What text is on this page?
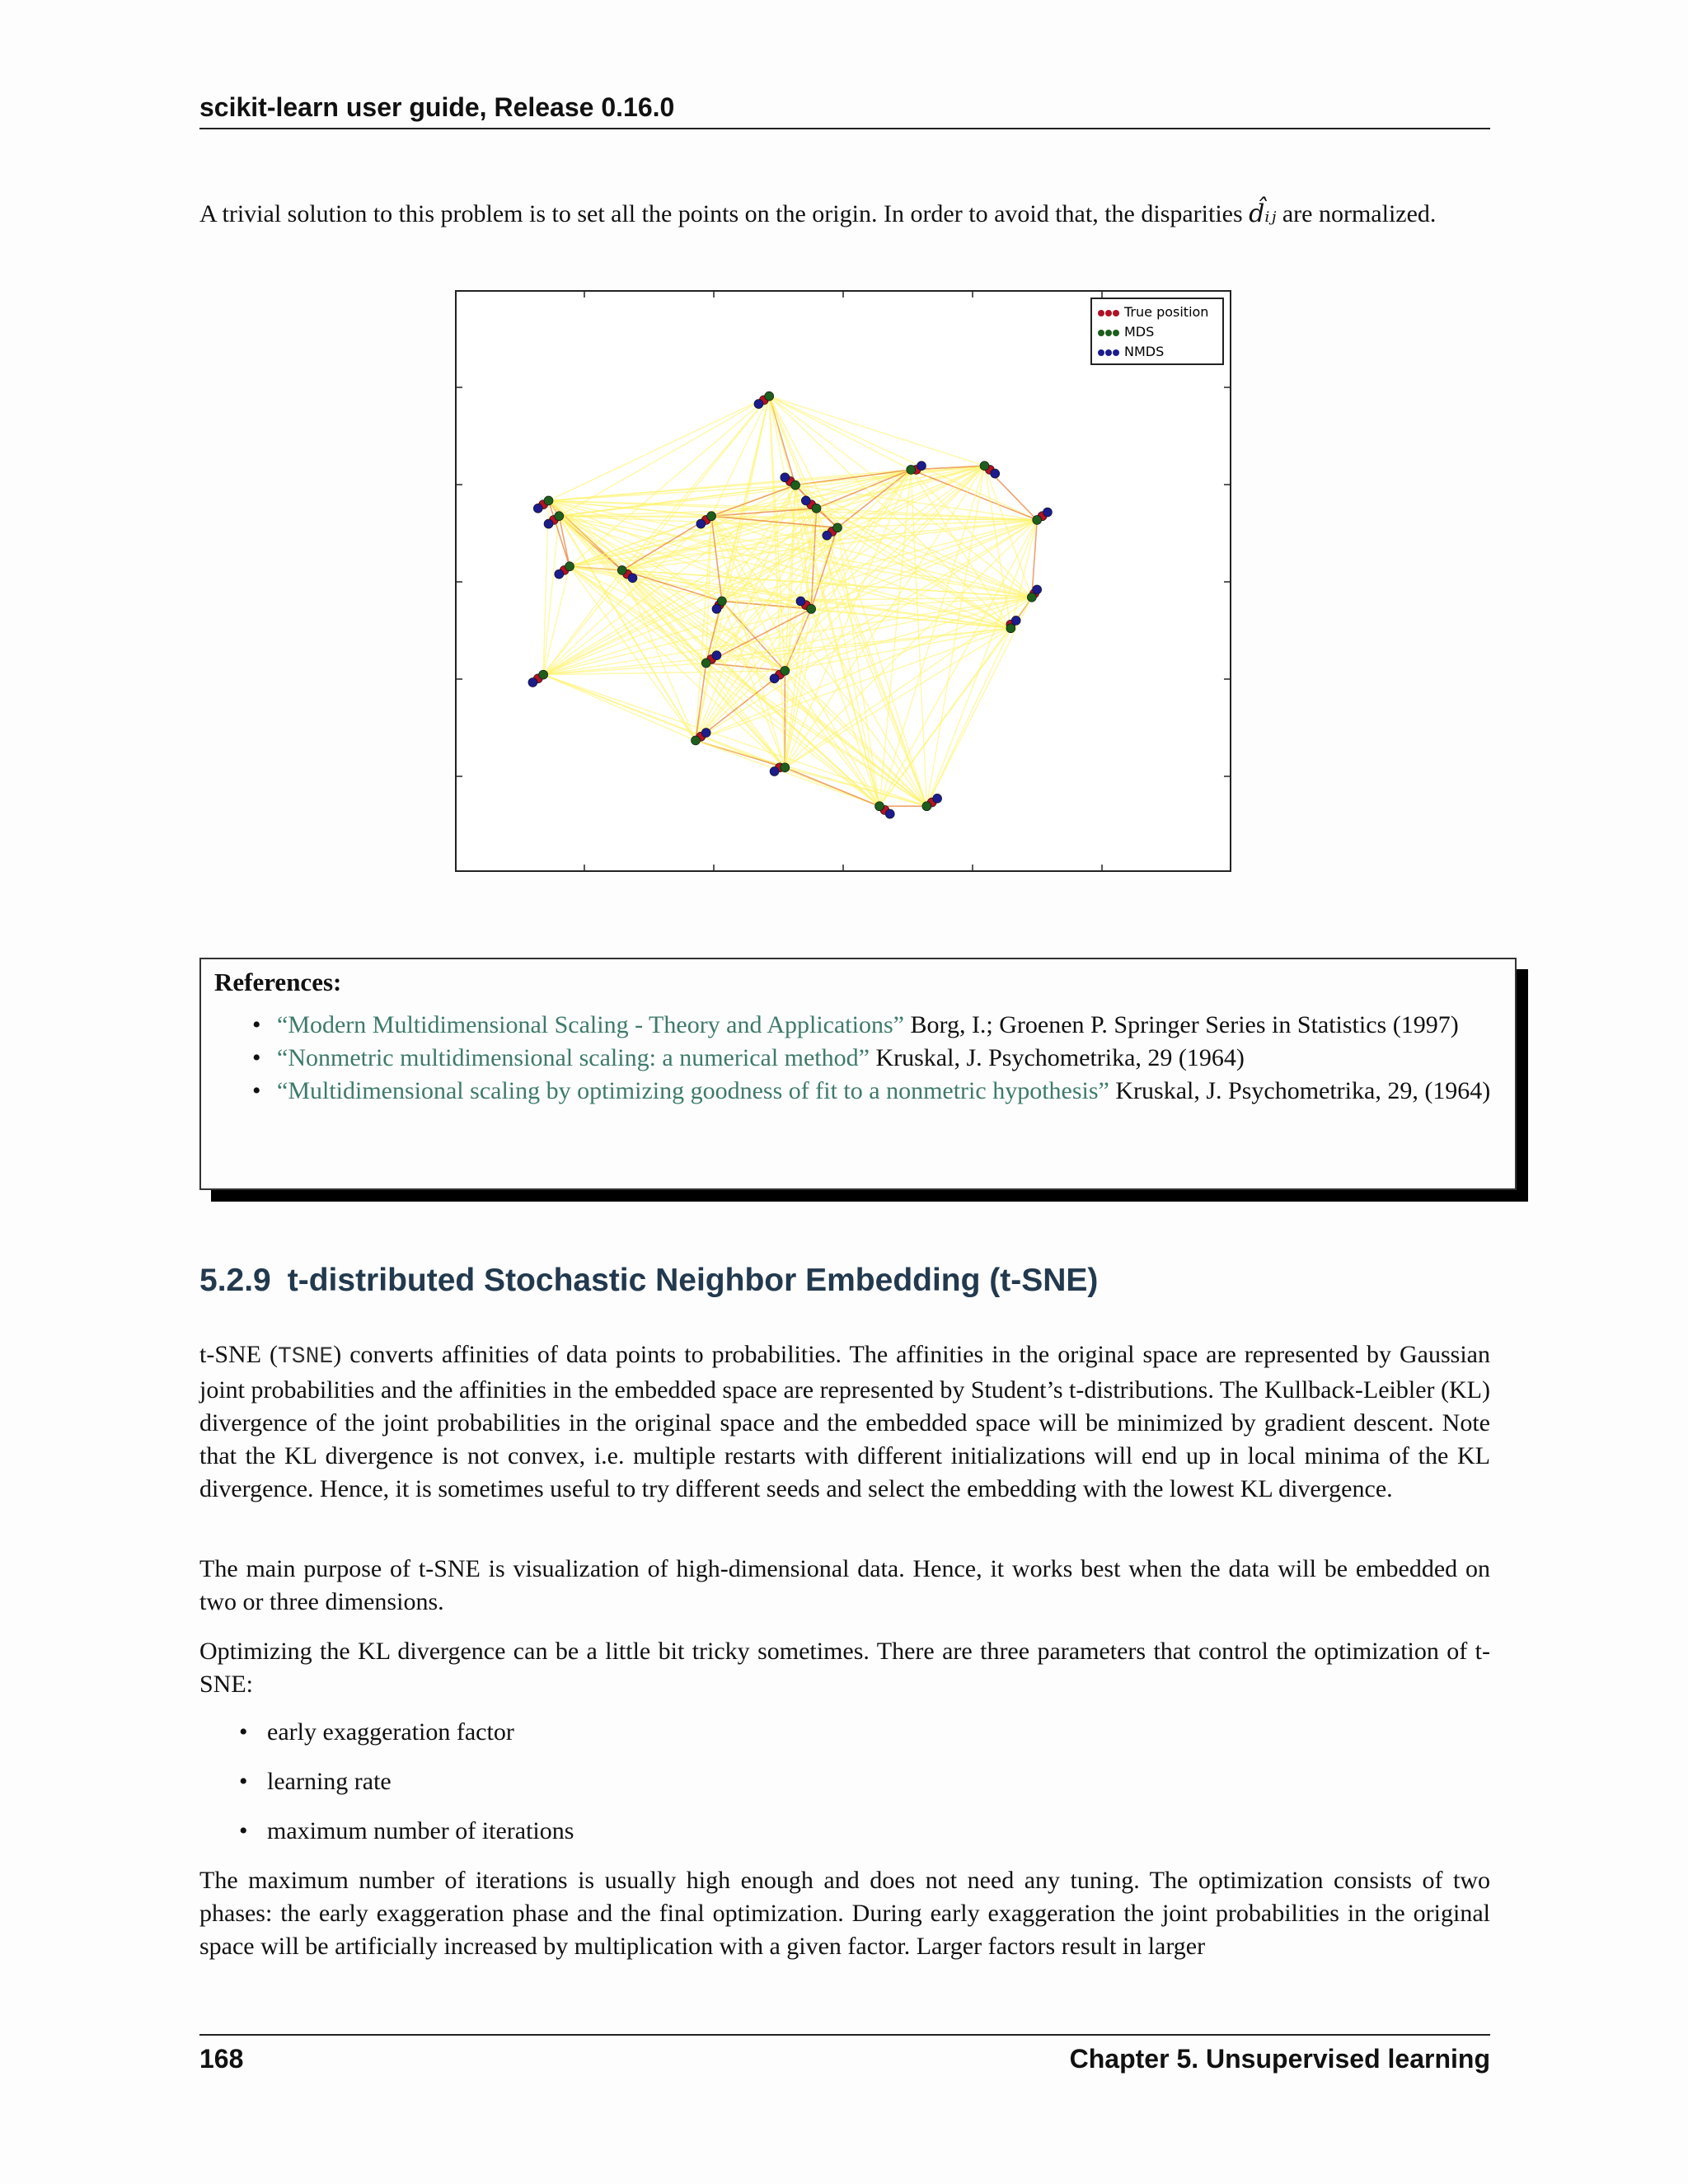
scikit-learn user guide, Release 0.16.0

A trivial solution to this problem is to set all the points on the origin. In order to avoid that, the disparities d̂ᵢⱼ are normalized.

True position
MDS
NMDS
References:
• “Modern Multidimensional Scaling - Theory and Applications” Borg, I.; Groenen P. Springer Series in Statistics (1997)
• “Nonmetric multidimensional scaling: a numerical method” Kruskal, J. Psychometrika, 29 (1964)
• “Multidimensional scaling by optimizing goodness of fit to a nonmetric hypothesis” Kruskal, J. Psychometrika, 29, (1964)
5.2.9 t-distributed Stochastic Neighbor Embedding (t-SNE)

t-SNE (TSNE) converts affinities of data points to probabilities. The affinities in the original space are represented by Gaussian joint probabilities and the affinities in the embedded space are represented by Student’s t-distributions. The Kullback-Leibler (KL) divergence of the joint probabilities in the original space and the embedded space will be minimized by gradient descent. Note that the KL divergence is not convex, i.e. multiple restarts with different initializations will end up in local minima of the KL divergence. Hence, it is sometimes useful to try different seeds and select the embedding with the lowest KL divergence.

The main purpose of t-SNE is visualization of high-dimensional data. Hence, it works best when the data will be embedded on two or three dimensions.

Optimizing the KL divergence can be a little bit tricky sometimes. There are three parameters that control the optimization of t-SNE:

• early exaggeration factor
• learning rate
• maximum number of iterations

The maximum number of iterations is usually high enough and does not need any tuning. The optimization consists of two phases: the early exaggeration phase and the final optimization. During early exaggeration the joint probabilities in the original space will be artificially increased by multiplication with a given factor. Larger factors result in larger

168	Chapter 5. Unsupervised learning
